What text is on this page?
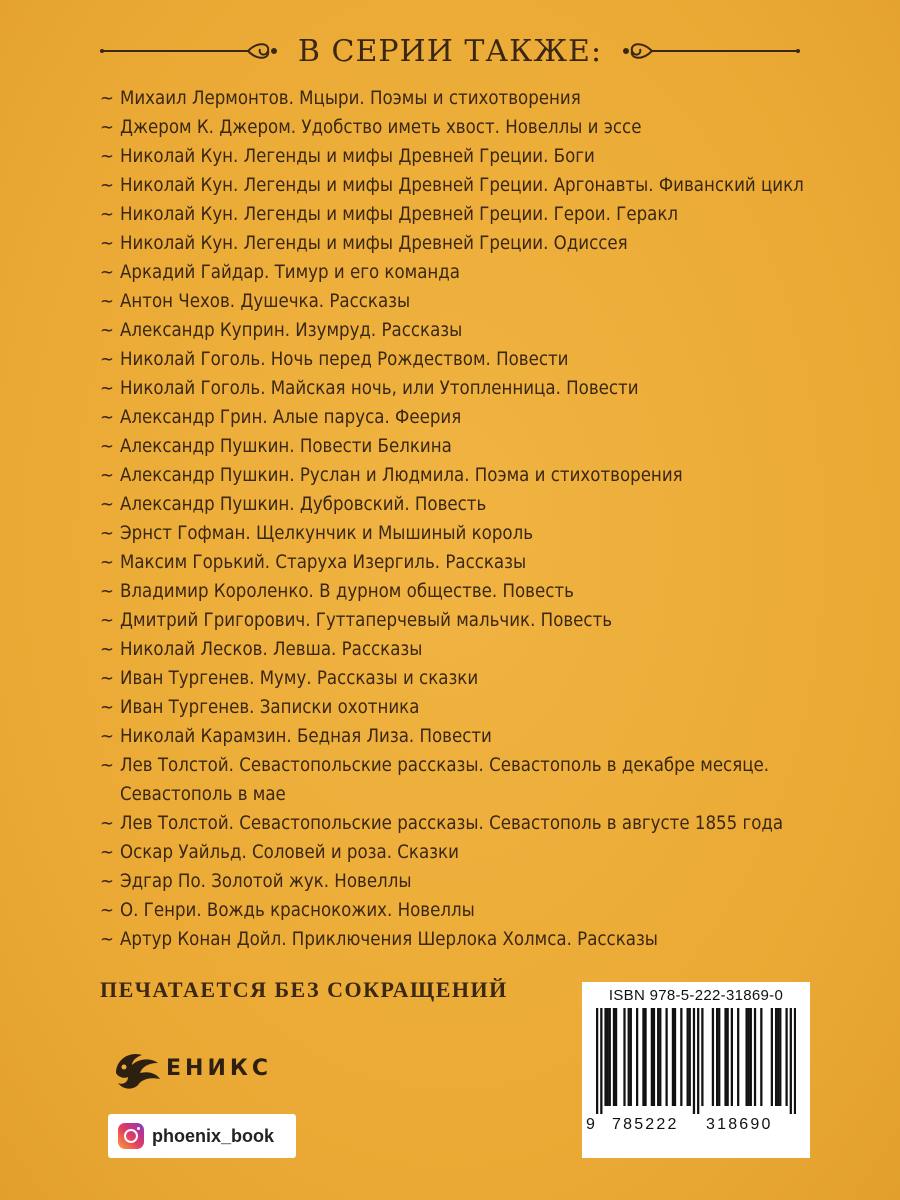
В СЕРИИ ТАКЖЕ:
~ Михаил Лермонтов. Мцыри. Поэмы и стихотворения
~ Джером К. Джером. Удобство иметь хвост. Новеллы и эссе
~ Николай Кун. Легенды и мифы Древней Греции. Боги
~ Николай Кун. Легенды и мифы Древней Греции. Аргонавты. Фиванский цикл
~ Николай Кун. Легенды и мифы Древней Греции. Герои. Геракл
~ Николай Кун. Легенды и мифы Древней Греции. Одиссея
~ Аркадий Гайдар. Тимур и его команда
~ Антон Чехов. Душечка. Рассказы
~ Александр Куприн. Изумруд. Рассказы
~ Николай Гоголь. Ночь перед Рождеством. Повести
~ Николай Гоголь. Майская ночь, или Утопленница. Повести
~ Александр Грин. Алые паруса. Феерия
~ Александр Пушкин. Повести Белкина
~ Александр Пушкин. Руслан и Людмила. Поэма и стихотворения
~ Александр Пушкин. Дубровский. Повесть
~ Эрнст Гофман. Щелкунчик и Мышиный король
~ Максим Горький. Старуха Изергиль. Рассказы
~ Владимир Короленко. В дурном обществе. Повесть
~ Дмитрий Григорович. Гуттаперчевый мальчик. Повесть
~ Николай Лесков. Левша. Рассказы
~ Иван Тургенев. Муму. Рассказы и сказки
~ Иван Тургенев. Записки охотника
~ Николай Карамзин. Бедная Лиза. Повести
~ Лев Толстой. Севастопольские рассказы. Севастополь в декабре месяце.
Севастополь в мае
~ Лев Толстой. Севастопольские рассказы. Севастополь в августе 1855 года
~ Оскар Уайльд. Соловей и роза. Сказки
~ Эдгар По. Золотой жук. Новеллы
~ О. Генри. Вождь краснокожих. Новеллы
~ Артур Конан Дойл. Приключения Шерлока Холмса. Рассказы

ПЕЧАТАЕТСЯ БЕЗ СОКРАЩЕНИЙ

ЕНИКС
phoenix_book
ISBN 978-5-222-31869-0
9 785222 318690
